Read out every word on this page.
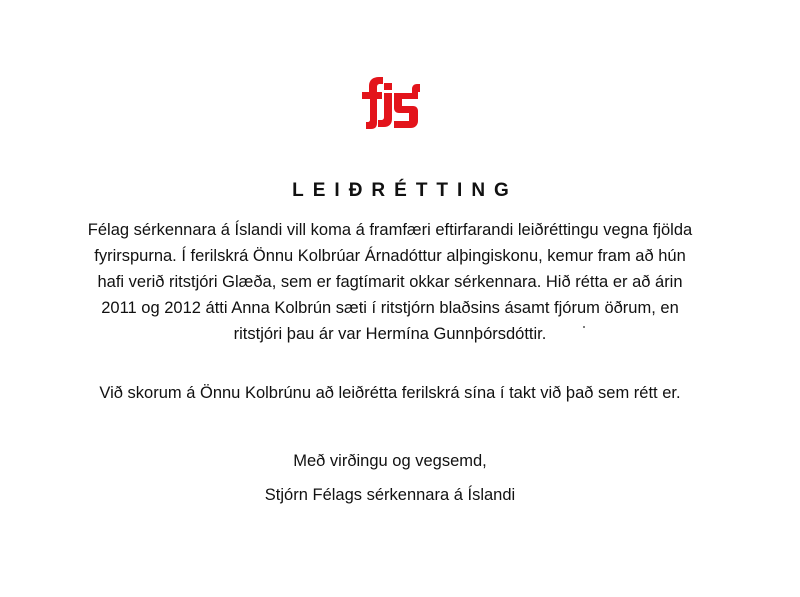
LEIÐRÉTTING
Félag sérkennara á Íslandi vill koma á framfæri eftirfarandi leiðréttingu vegna fjölda
fyrirspurna. Í ferilskrá Önnu Kolbrúar Árnadóttur alþingiskonu, kemur fram að hún
hafi verið ritstjóri Glæða, sem er fagtímarit okkar sérkennara. Hið rétta er að árin
2011 og 2012 átti Anna Kolbrún sæti í ritstjórn blaðsins ásamt fjórum öðrum, en
ritstjóri þau ár var Hermína Gunnþórsdóttir.
Við skorum á Önnu Kolbrúnu að leiðrétta ferilskrá sína í takt við það sem rétt er.
Með virðingu og vegsemd,
Stjórn Félags sérkennara á Íslandi
